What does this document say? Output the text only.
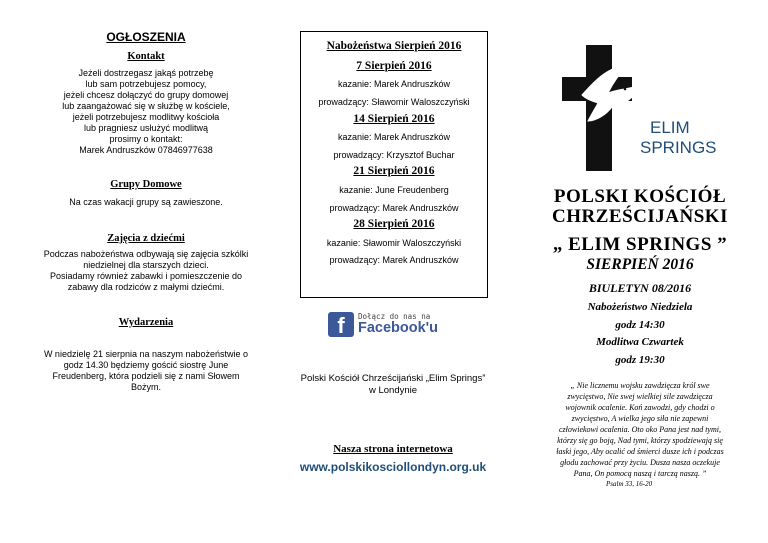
OGŁOSZENIA
Kontakt
Jeżeli dostrzegasz jakąś potrzebę
lub sam potrzebujesz pomocy,
jeżeli chcesz dołączyć do grupy domowej
lub zaangażować się w służbę w kościele,
jeżeli potrzebujesz modlitwy kościoła
lub pragniesz usłużyć modlitwą
prosimy o kontakt:
Marek Andruszków 07846977638
Grupy Domowe
Na czas wakacji grupy są zawieszone.
Zajęcia z dziećmi
Podczas nabożeństwa odbywają się zajęcia szkólki
niedzielnej dla starszych dzieci.
Posiadamy również zabawki i pomieszczenie do
zabawy dla rodziców z małymi dziećmi.
Wydarzenia
W niedzielę 21 sierpnia na naszym nabożeństwie o
godz 14.30 będziemy gościć siostrę June
Freudenberg, która podzieli się z nami Słowem
Bożym.
Nabożeństwa Sierpień 2016
7 Sierpień 2016
kazanie: Marek Andruszków
prowadzący: Sławomir Waloszczyński
14 Sierpień 2016
kazanie: Marek Andruszków
prowadzący: Krzysztof Buchar
21 Sierpień 2016
kazanie: June Freudenberg
prowadzący: Marek Andruszków
28 Sierpień 2016
kazanie: Sławomir Waloszczyński
prowadzący: Marek Andruszków
f	Dołącz do nas na
Facebook'u
Polski Kościół Chrześcijański „Elim Springs”
w Londynie
Nasza strona internetowa
www.polskikosciollondyn.org.uk
ELIM
SPRINGS
POLSKI KOŚCIÓŁ
CHRZEŚCIJAŃSKI
„ ELIM SPRINGS ”
SIERPIEŃ 2016
BIULETYN 08/2016
Nabożeństwo Niedziela
godz 14:30
Modlitwa Czwartek
godz 19:30
„ Nie licznemu wojsku zawdzięcza król swe
zwycięstwo, Nie swej wielkiej sile zawdzięcza
wojownik ocalenie. Koń zawodzi, gdy chodzi o
zwycięstwo, A wielka jego siła nie zapewni
człowiekowi ocalenia. Oto oko Pana jest nad tymi,
którzy się go boją, Nad tymi, którzy spodziewają się
łaski jego, Aby ocalić od śmierci dusze ich i podczas
głodu zachować przy życiu. Dusza nasza oczekuje
Pana, On pomocą naszą i tarczą naszą. ”
Psalm 33, 16-20
